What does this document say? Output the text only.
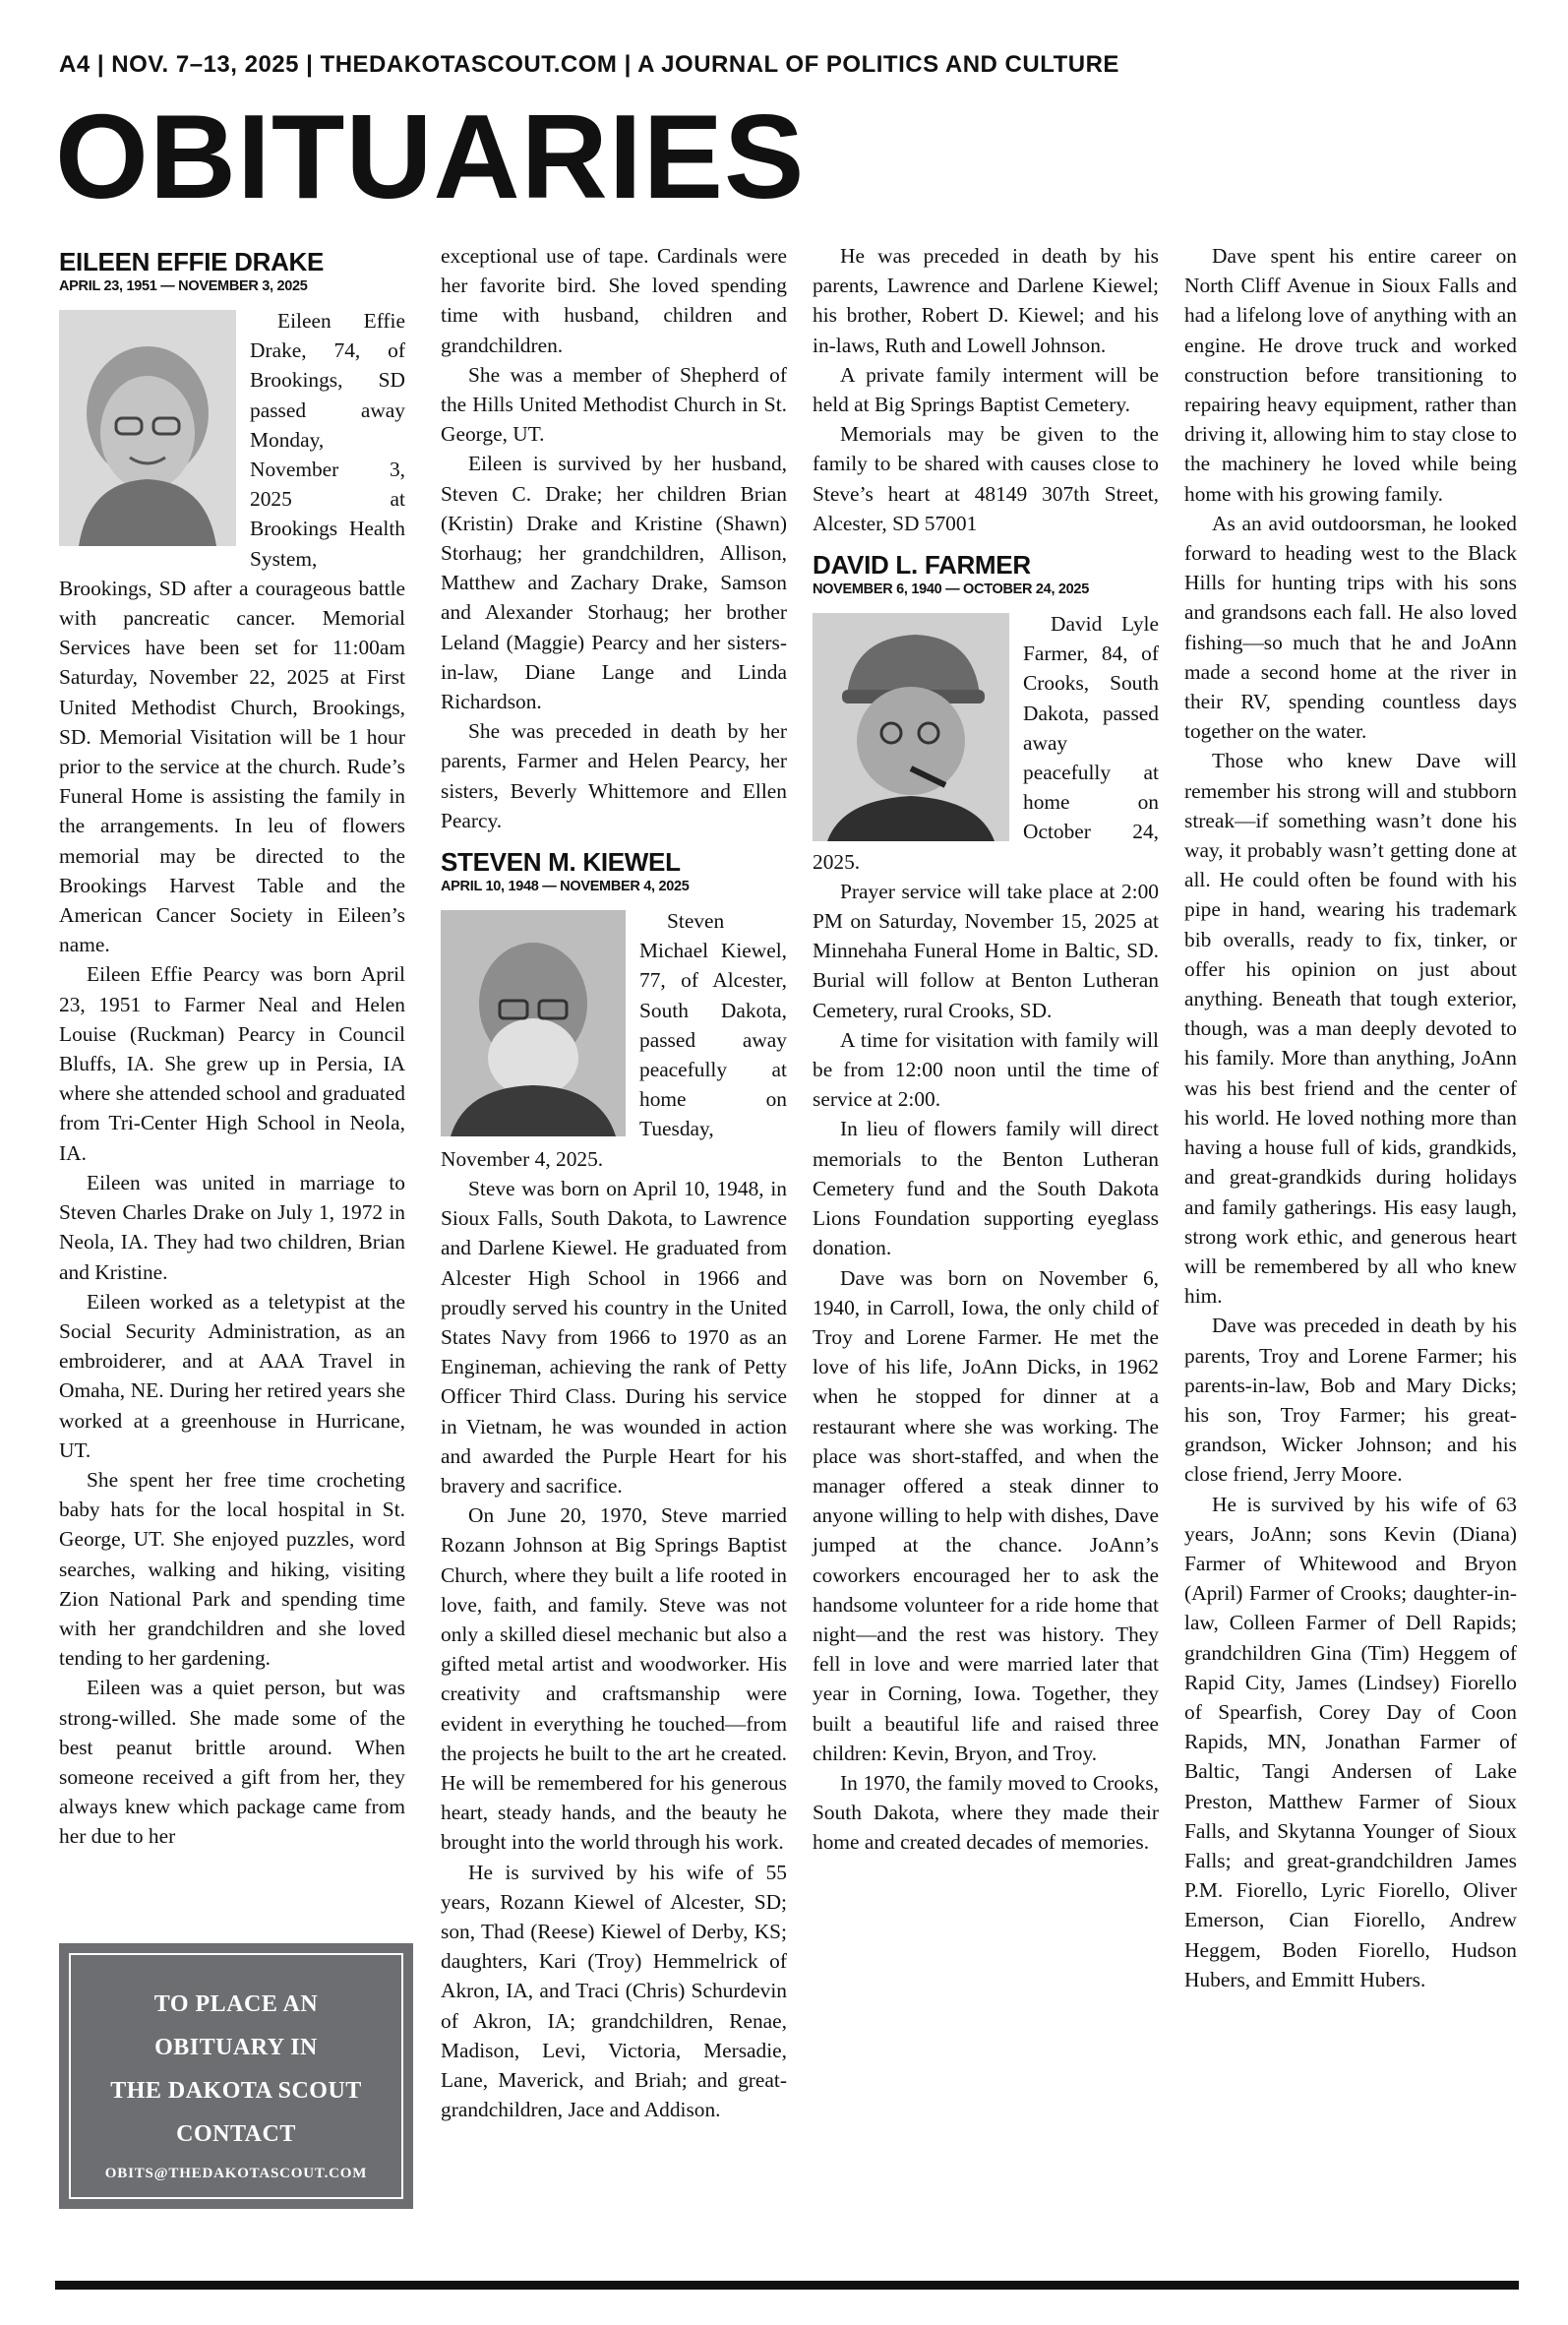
A4 | NOV. 7–13, 2025 | THEDAKOTASCOUT.COM | A JOURNAL OF POLITICS AND CULTURE
OBITUARIES
EILEEN EFFIE DRAKE
APRIL 23, 1951 — NOVEMBER 3, 2025

Eileen Effie Drake, 74, of Brookings, SD passed away Monday, November 3, 2025 at Brookings Health System, Brookings, SD after a courageous battle with pancreatic cancer. Memorial Services have been set for 11:00am Saturday, November 22, 2025 at First United Methodist Church, Brookings, SD. Memorial Visitation will be 1 hour prior to the service at the church. Rude’s Funeral Home is assisting the family in the arrangements. In leu of flowers memorial may be directed to the Brookings Harvest Table and the American Cancer Society in Eileen’s name.

Eileen Effie Pearcy was born April 23, 1951 to Farmer Neal and Helen Louise (Ruckman) Pearcy in Council Bluffs, IA. She grew up in Persia, IA where she attended school and graduated from Tri-Center High School in Neola, IA.

Eileen was united in marriage to Steven Charles Drake on July 1, 1972 in Neola, IA. They had two children, Brian and Kristine.

Eileen worked as a teletypist at the Social Security Administration, as an embroiderer, and at AAA Travel in Omaha, NE. During her retired years she worked at a greenhouse in Hurricane, UT.

She spent her free time crocheting baby hats for the local hospital in St. George, UT. She enjoyed puzzles, word searches, walking and hiking, visiting Zion National Park and spending time with her grandchildren and she loved tending to her gardening.

Eileen was a quiet person, but was strong-willed. She made some of the best peanut brittle around. When someone received a gift from her, they always knew which package came from her due to her

exceptional use of tape. Cardinals were her favorite bird. She loved spending time with husband, children and grandchildren.

She was a member of Shepherd of the Hills United Methodist Church in St. George, UT.

Eileen is survived by her husband, Steven C. Drake; her children Brian (Kristin) Drake and Kristine (Shawn) Storhaug; her grandchildren, Allison, Matthew and Zachary Drake, Samson and Alexander Storhaug; her brother Leland (Maggie) Pearcy and her sisters-in-law, Diane Lange and Linda Richardson.

She was preceded in death by her parents, Farmer and Helen Pearcy, her sisters, Beverly Whittemore and Ellen Pearcy.

STEVEN M. KIEWEL
APRIL 10, 1948 — NOVEMBER 4, 2025

Steven Michael Kiewel, 77, of Alcester, South Dakota, passed away peacefully at home on Tuesday, November 4, 2025.

Steve was born on April 10, 1948, in Sioux Falls, South Dakota, to Lawrence and Darlene Kiewel. He graduated from Alcester High School in 1966 and proudly served his country in the United States Navy from 1966 to 1970 as an Engineman, achieving the rank of Petty Officer Third Class. During his service in Vietnam, he was wounded in action and awarded the Purple Heart for his bravery and sacrifice.

On June 20, 1970, Steve married Rozann Johnson at Big Springs Baptist Church, where they built a life rooted in love, faith, and family. Steve was not only a skilled diesel mechanic but also a gifted metal artist and woodworker. His creativity and craftsmanship were evident in everything he touched—from the projects he built to the art he created. He will be remembered for his generous heart, steady hands, and the beauty he brought into the world through his work.

He is survived by his wife of 55 years, Rozann Kiewel of Alcester, SD; son, Thad (Reese) Kiewel of Derby, KS; daughters, Kari (Troy) Hemmelrick of Akron, IA, and Traci (Chris) Schurdevin of Akron, IA; grandchildren, Renae, Madison, Levi, Victoria, Mersadie, Lane, Maverick, and Briah; and great-grandchildren, Jace and Addison.

He was preceded in death by his parents, Lawrence and Darlene Kiewel; his brother, Robert D. Kiewel; and his in-laws, Ruth and Lowell Johnson.

A private family interment will be held at Big Springs Baptist Cemetery.

Memorials may be given to the family to be shared with causes close to Steve’s heart at 48149 307th Street, Alcester, SD 57001

DAVID L. FARMER
NOVEMBER 6, 1940 — OCTOBER 24, 2025

David Lyle Farmer, 84, of Crooks, South Dakota, passed away peacefully at home on October 24, 2025.

Prayer service will take place at 2:00 PM on Saturday, November 15, 2025 at Minnehaha Funeral Home in Baltic, SD. Burial will follow at Benton Lutheran Cemetery, rural Crooks, SD.

A time for visitation with family will be from 12:00 noon until the time of service at 2:00.

In lieu of flowers family will direct memorials to the Benton Lutheran Cemetery fund and the South Dakota Lions Foundation supporting eyeglass donation.

Dave was born on November 6, 1940, in Carroll, Iowa, the only child of Troy and Lorene Farmer. He met the love of his life, JoAnn Dicks, in 1962 when he stopped for dinner at a restaurant where she was working. The place was short-staffed, and when the manager offered a steak dinner to anyone willing to help with dishes, Dave jumped at the chance. JoAnn’s coworkers encouraged her to ask the handsome volunteer for a ride home that night—and the rest was history. They fell in love and were married later that year in Corning, Iowa. Together, they built a beautiful life and raised three children: Kevin, Bryon, and Troy.

In 1970, the family moved to Crooks, South Dakota, where they made their home and created decades of memories.

Dave spent his entire career on North Cliff Avenue in Sioux Falls and had a lifelong love of anything with an engine. He drove truck and worked construction before transitioning to repairing heavy equipment, rather than driving it, allowing him to stay close to the machinery he loved while being home with his growing family.

As an avid outdoorsman, he looked forward to heading west to the Black Hills for hunting trips with his sons and grandsons each fall. He also loved fishing—so much that he and JoAnn made a second home at the river in their RV, spending countless days together on the water.

Those who knew Dave will remember his strong will and stubborn streak—if something wasn’t done his way, it probably wasn’t getting done at all. He could often be found with his pipe in hand, wearing his trademark bib overalls, ready to fix, tinker, or offer his opinion on just about anything. Beneath that tough exterior, though, was a man deeply devoted to his family. More than anything, JoAnn was his best friend and the center of his world. He loved nothing more than having a house full of kids, grandkids, and great-grandkids during holidays and family gatherings. His easy laugh, strong work ethic, and generous heart will be remembered by all who knew him.

Dave was preceded in death by his parents, Troy and Lorene Farmer; his parents-in-law, Bob and Mary Dicks; his son, Troy Farmer; his great-grandson, Wicker Johnson; and his close friend, Jerry Moore.

He is survived by his wife of 63 years, JoAnn; sons Kevin (Diana) Farmer of Whitewood and Bryon (April) Farmer of Crooks; daughter-in-law, Colleen Farmer of Dell Rapids; grandchildren Gina (Tim) Heggem of Rapid City, James (Lindsey) Fiorello of Spearfish, Corey Day of Coon Rapids, MN, Jonathan Farmer of Baltic, Tangi Andersen of Lake Preston, Matthew Farmer of Sioux Falls, and Skytanna Younger of Sioux Falls; and great-grandchildren James P.M. Fiorello, Lyric Fiorello, Oliver Emerson, Cian Fiorello, Andrew Heggem, Boden Fiorello, Hudson Hubers, and Emmitt Hubers.

TO PLACE AN
OBITUARY IN
THE DAKOTA SCOUT
CONTACT
OBITS@THEDAKOTASCOUT.COM
